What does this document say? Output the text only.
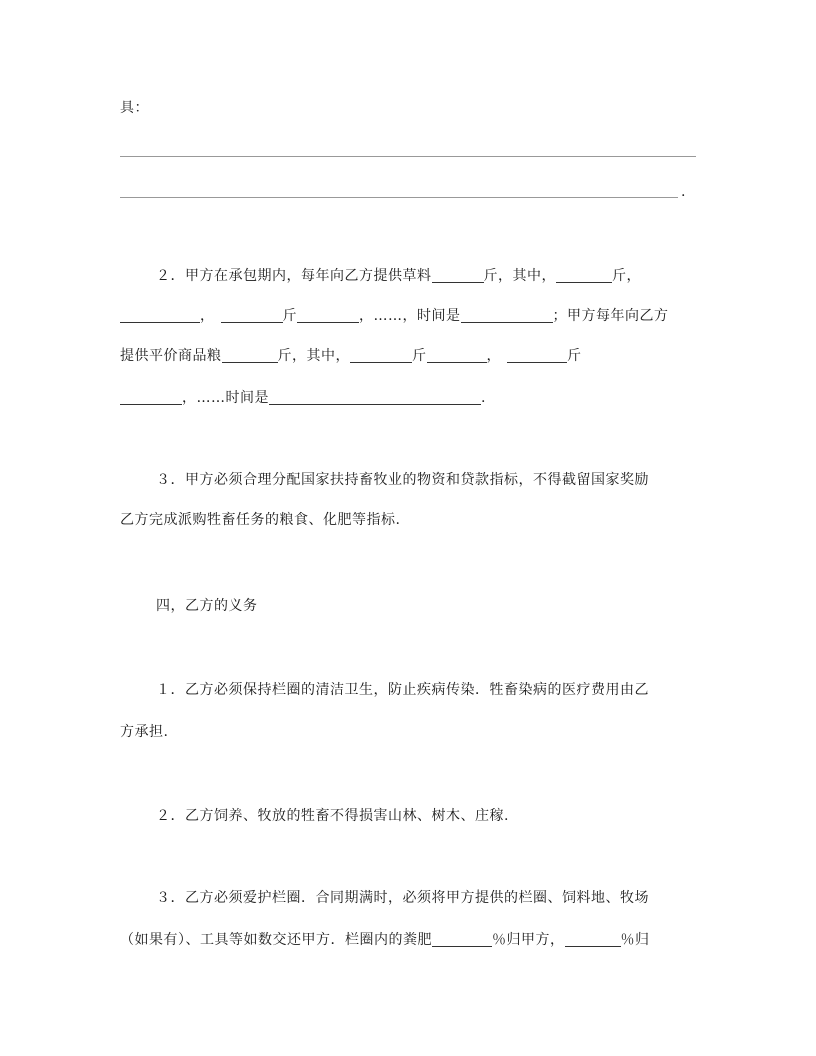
具：
.
２．甲方在承包期内，每年向乙方提供草料	斤，其中，	斤，
，	斤	，……，时间是	；甲方每年向乙方
提供平价商品粮	斤，其中，	斤	，	斤
，……时间是	.
３．甲方必须合理分配国家扶持畜牧业的物资和贷款指标，不得截留国家奖励
乙方完成派购牲畜任务的粮食、化肥等指标.
四，乙方的义务
１．乙方必须保持栏圈的清洁卫生，防止疾病传染．牲畜染病的医疗费用由乙
方承担.
２．乙方饲养、牧放的牲畜不得损害山林、树木、庄稼.
３．乙方必须爱护栏圈．合同期满时，必须将甲方提供的栏圈、饲料地、牧场
（如果有）、工具等如数交还甲方．栏圈内的粪肥	％归甲方，	％归
